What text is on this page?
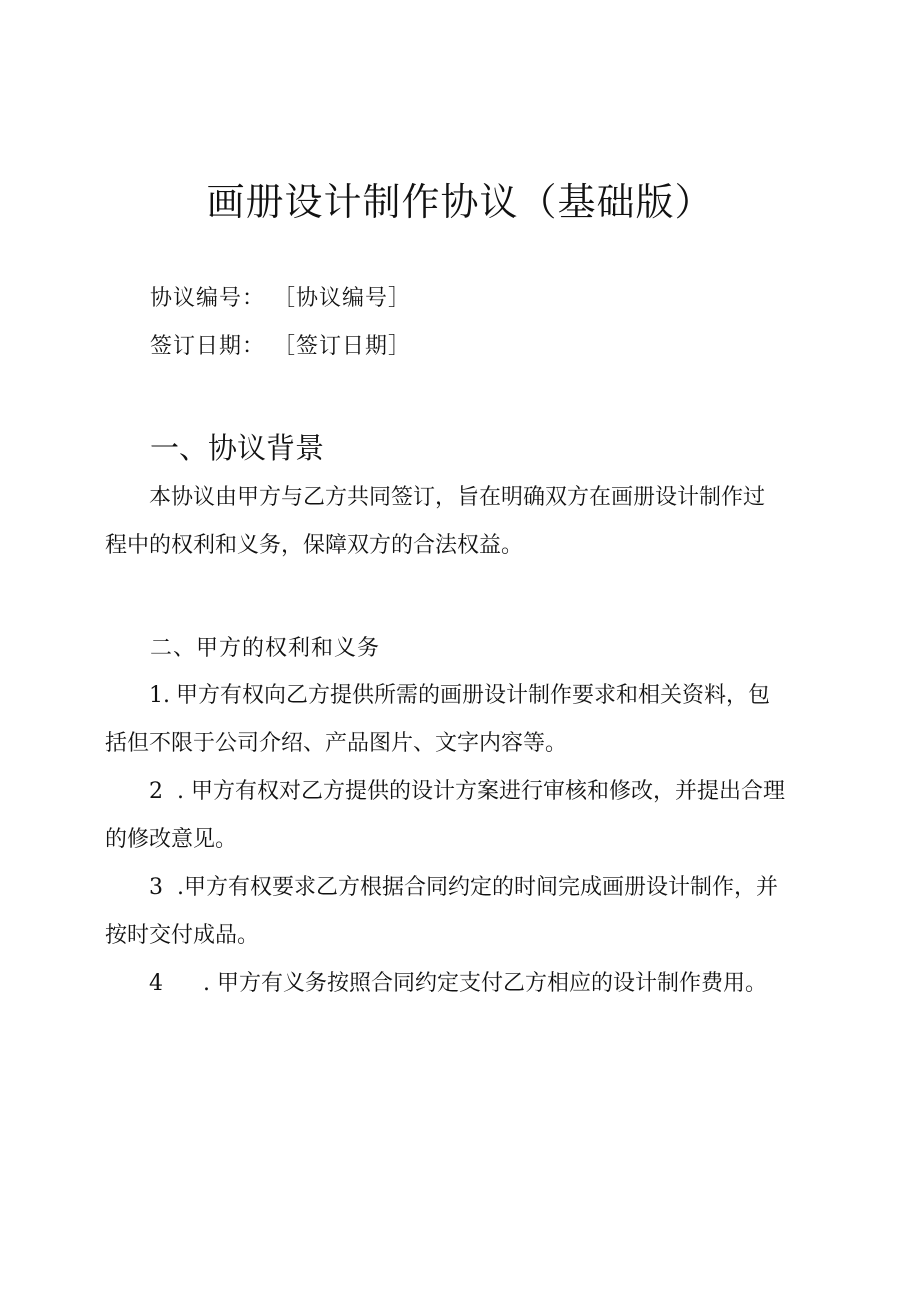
画册设计制作协议（基础版）
协议编号： ［协议编号］
签订日期： ［签订日期］
一、协议背景
本协议由甲方与乙方共同签订，旨在明确双方在画册设计制作过
程中的权利和义务，保障双方的合法权益。
二、甲方的权利和义务
1. 甲方有权向乙方提供所需的画册设计制作要求和相关资料，包
括但不限于公司介绍、产品图片、文字内容等。
2 . 甲方有权对乙方提供的设计方案进行审核和修改，并提出合理
的修改意见。
3 .甲方有权要求乙方根据合同约定的时间完成画册设计制作，并
按时交付成品。
4 . 甲方有义务按照合同约定支付乙方相应的设计制作费用。
